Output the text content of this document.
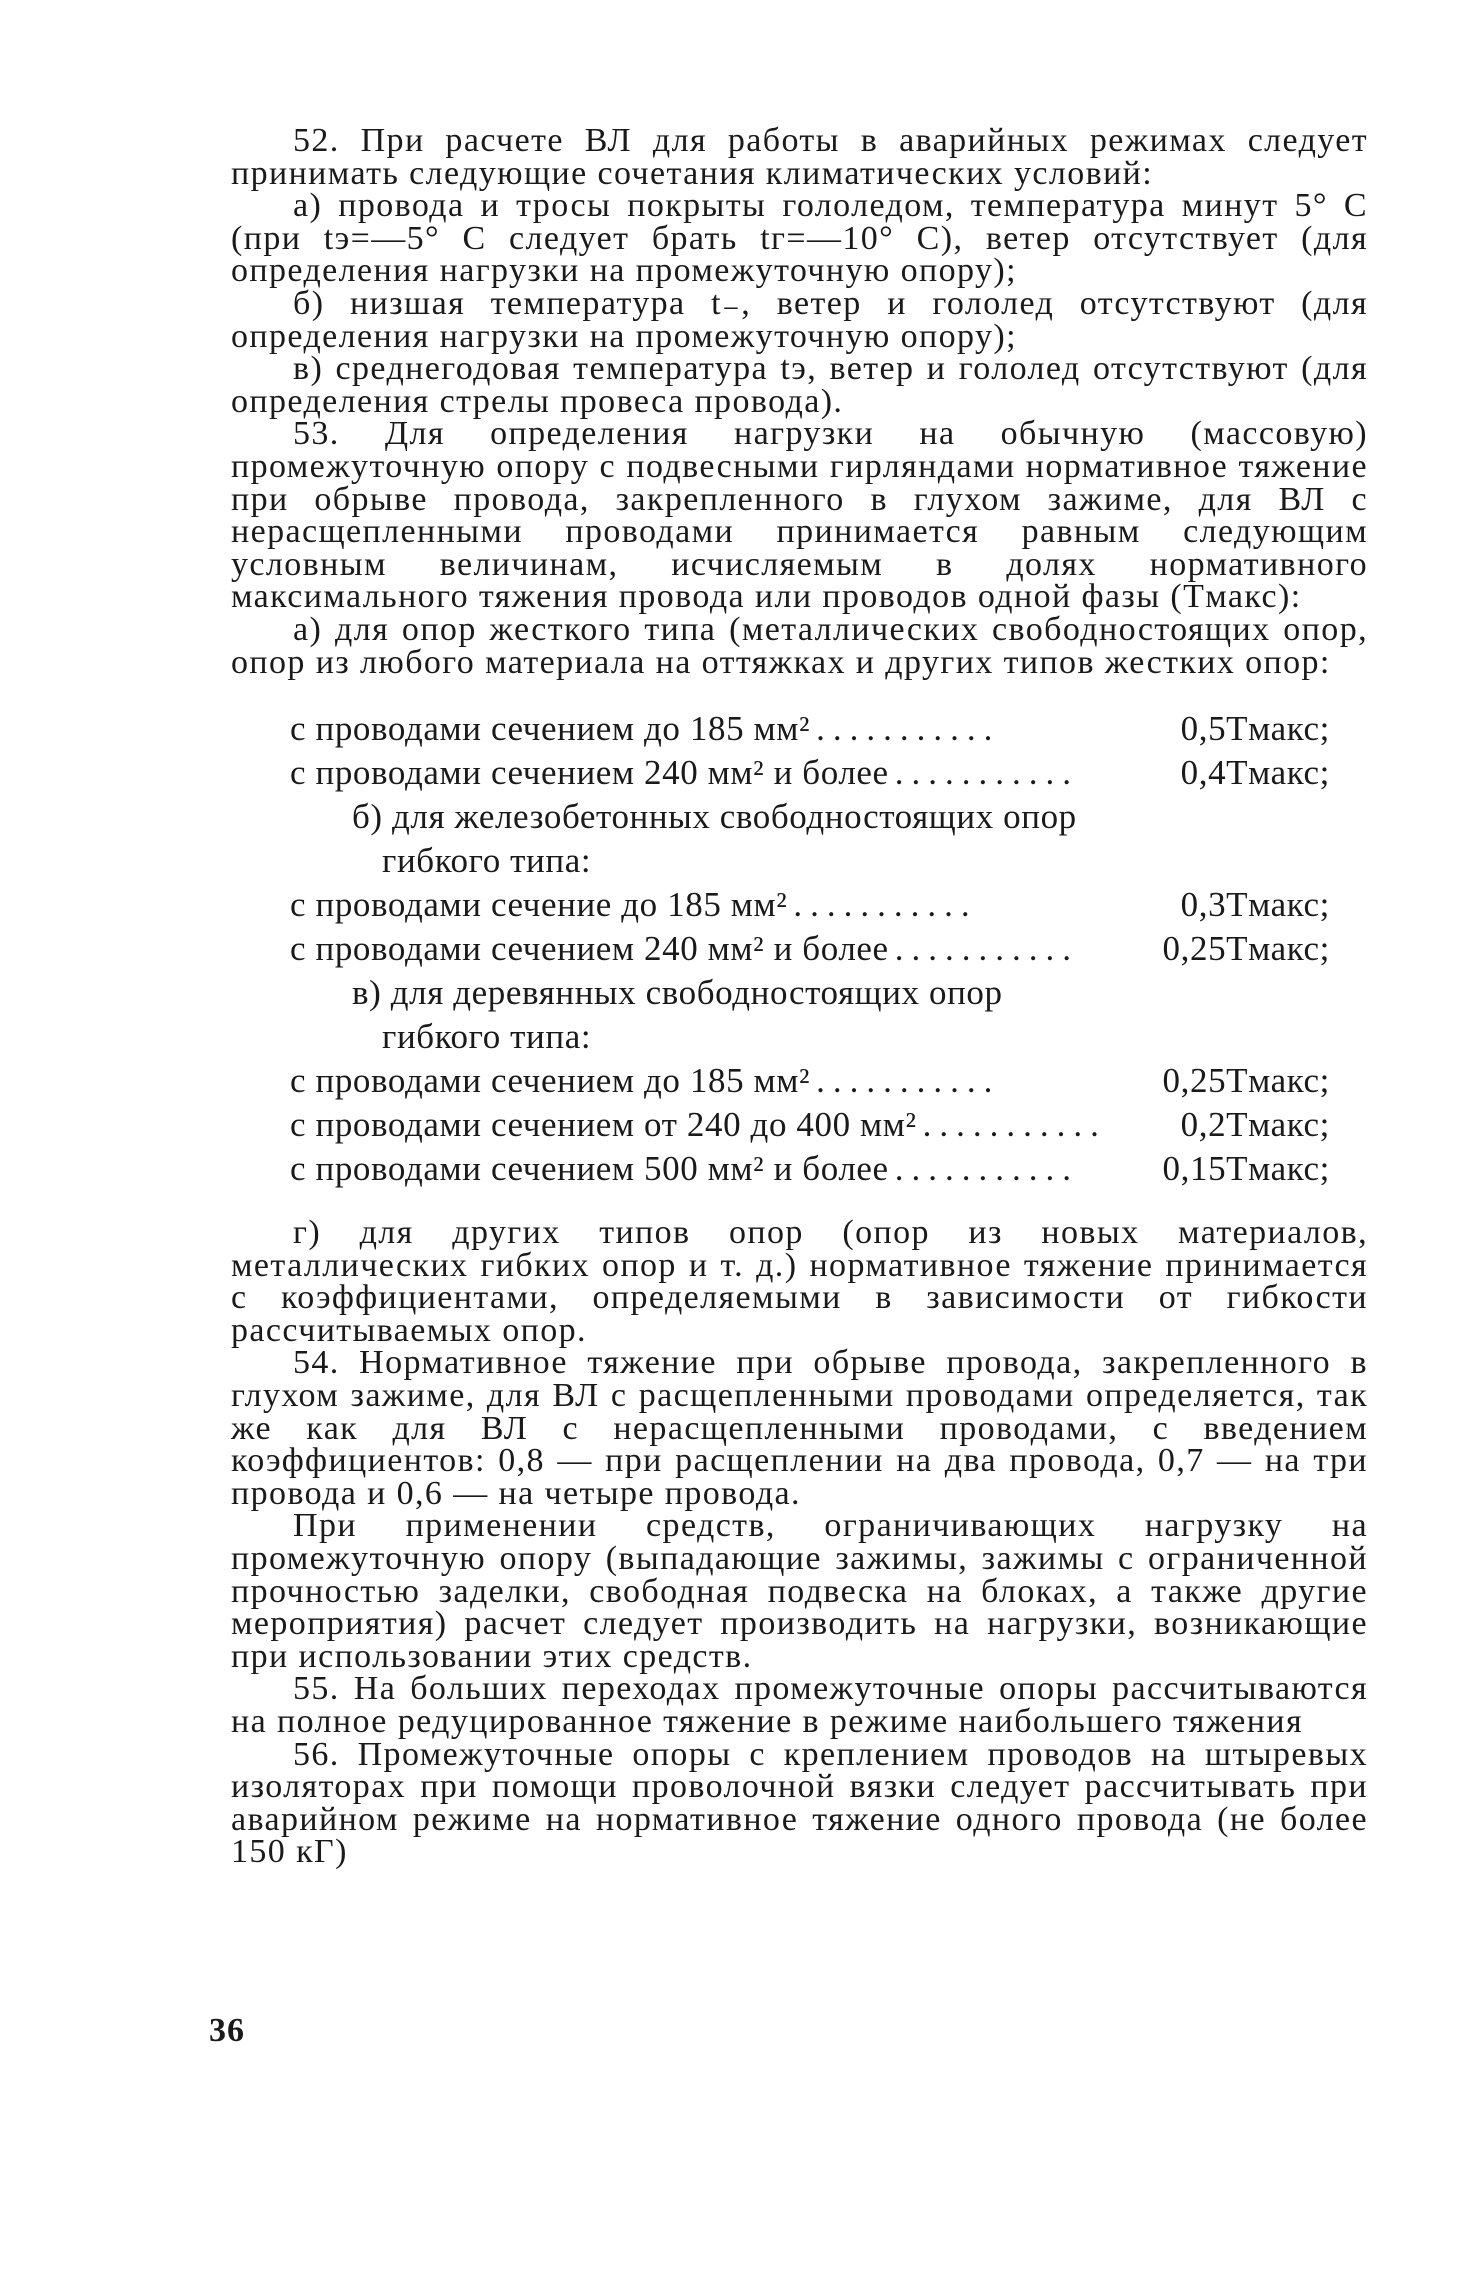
52. При расчете ВЛ для работы в аварийных режимах следует принимать следующие сочетания климатических условий:

а) провода и тросы покрыты гололедом, температура минут 5° С (при tэ=—5° С следует брать tг=—10° С), ветер отсутствует (для определения нагрузки на промежуточную опору);

б) низшая температура t₋, ветер и гололед отсутствуют (для определения нагрузки на промежуточную опору);

в) среднегодовая температура tэ, ветер и гололед отсутствуют (для определения стрелы провеса провода).

53. Для определения нагрузки на обычную (массовую) промежуточную опору с подвесными гирляндами нормативное тяжение при обрыве провода, закрепленного в глухом зажиме, для ВЛ с нерасщепленными проводами принимается равным следующим условным величинам, исчисляемым в долях нормативного максимального тяжения провода или проводов одной фазы (Tмакс):

а) для опор жесткого типа (металлических свободностоящих опор, опор из любого материала на оттяжках и других типов жестких опор:

с проводами сечением до 185 мм² ...........	0,5Tмакс;
с проводами сечением 240 мм² и более ...........	0,4Tмакс;

б) для железобетонных свободностоящих опор

гибкого типа:

с проводами сечение до 185 мм² ...........	0,3Tмакс;
с проводами сечением 240 мм² и более ...........	0,25Tмакс;

в) для деревянных свободностоящих опор

гибкого типа:

с проводами сечением до 185 мм² ...........	0,25Tмакс;
с проводами сечением от 240 до 400 мм² ...........	0,2Tмакс;
с проводами сечением 500 мм² и более ...........	0,15Tмакс;

г) для других типов опор (опор из новых материалов, металлических гибких опор и т. д.) нормативное тяжение принимается с коэффициентами, определяемыми в зависимости от гибкости рассчитываемых опор.

54. Нормативное тяжение при обрыве провода, закрепленного в глухом зажиме, для ВЛ с расщепленными проводами определяется, так же как для ВЛ с нерасщепленными проводами, с введением коэффициентов: 0,8 — при расщеплении на два провода, 0,7 — на три провода и 0,6 — на четыре провода.

При применении средств, ограничивающих нагрузку на промежуточную опору (выпадающие зажимы, зажимы с ограниченной прочностью заделки, свободная подвеска на блоках, а также другие мероприятия) расчет следует производить на нагрузки, возникающие при использовании этих средств.

55. На больших переходах промежуточные опоры рассчитываются на полное редуцированное тяжение в режиме наибольшего тяжения

56. Промежуточные опоры с креплением проводов на штыревых изоляторах при помощи проволочной вязки следует рассчитывать при аварийном режиме на нормативное тяжение одного провода (не более 150 кГ)

36
